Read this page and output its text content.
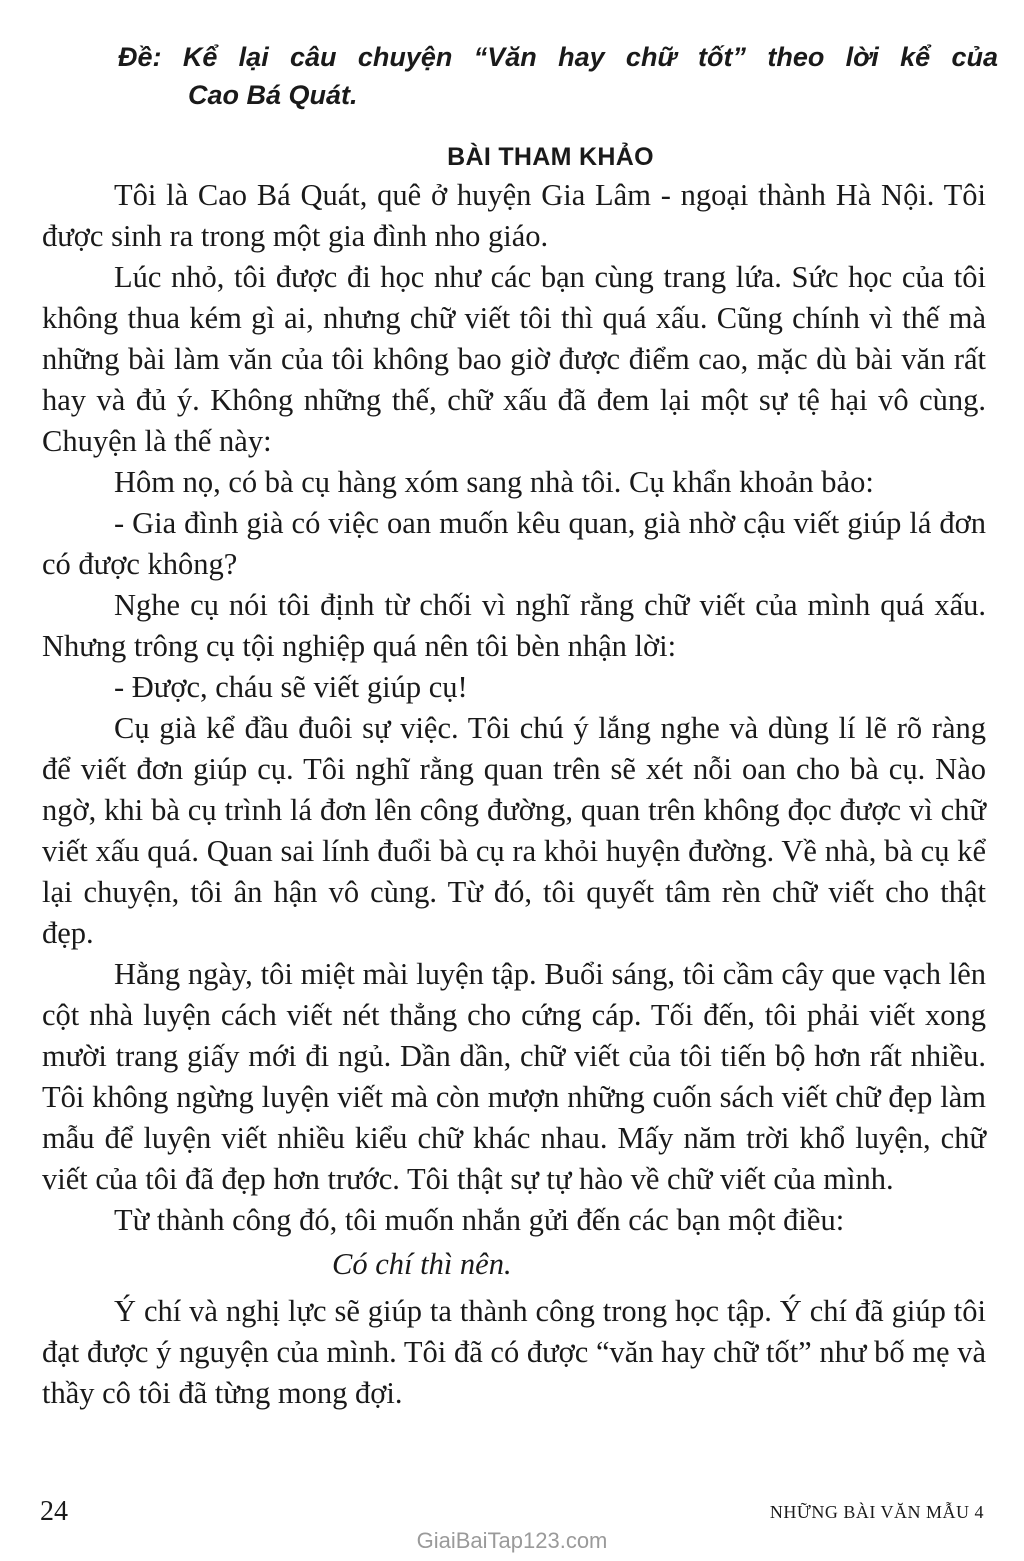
Đề: Kể lại câu chuyện “Văn hay chữ tốt” theo lời kể của
Cao Bá Quát.
BÀI THAM KHẢO

Tôi là Cao Bá Quát, quê ở huyện Gia Lâm - ngoại thành Hà Nội. Tôi được sinh ra trong một gia đình nho giáo.

Lúc nhỏ, tôi được đi học như các bạn cùng trang lứa. Sức học của tôi không thua kém gì ai, nhưng chữ viết tôi thì quá xấu. Cũng chính vì thế mà những bài làm văn của tôi không bao giờ được điểm cao, mặc dù bài văn rất hay và đủ ý. Không những thế, chữ xấu đã đem lại một sự tệ hại vô cùng. Chuyện là thế này:

Hôm nọ, có bà cụ hàng xóm sang nhà tôi. Cụ khẩn khoản bảo:

- Gia đình già có việc oan muốn kêu quan, già nhờ cậu viết giúp lá đơn có được không?

Nghe cụ nói tôi định từ chối vì nghĩ rằng chữ viết của mình quá xấu. Nhưng trông cụ tội nghiệp quá nên tôi bèn nhận lời:

- Được, cháu sẽ viết giúp cụ!

Cụ già kể đầu đuôi sự việc. Tôi chú ý lắng nghe và dùng lí lẽ rõ ràng để viết đơn giúp cụ. Tôi nghĩ rằng quan trên sẽ xét nỗi oan cho bà cụ. Nào ngờ, khi bà cụ trình lá đơn lên công đường, quan trên không đọc được vì chữ viết xấu quá. Quan sai lính đuổi bà cụ ra khỏi huyện đường. Về nhà, bà cụ kể lại chuyện, tôi ân hận vô cùng. Từ đó, tôi quyết tâm rèn chữ viết cho thật đẹp.

Hằng ngày, tôi miệt mài luyện tập. Buổi sáng, tôi cầm cây que vạch lên cột nhà luyện cách viết nét thẳng cho cứng cáp. Tối đến, tôi phải viết xong mười trang giấy mới đi ngủ. Dần dần, chữ viết của tôi tiến bộ hơn rất nhiều. Tôi không ngừng luyện viết mà còn mượn những cuốn sách viết chữ đẹp làm mẫu để luyện viết nhiều kiểu chữ khác nhau. Mấy năm trời khổ luyện, chữ viết của tôi đã đẹp hơn trước. Tôi thật sự tự hào về chữ viết của mình.

Từ thành công đó, tôi muốn nhắn gửi đến các bạn một điều:

Có chí thì nên.

Ý chí và nghị lực sẽ giúp ta thành công trong học tập. Ý chí đã giúp tôi đạt được ý nguyện của mình. Tôi đã có được “văn hay chữ tốt” như bố mẹ và thầy cô tôi đã từng mong đợi.

24	NHỮNG BÀI VĂN MẪU 4
GiaiBaiTap123.com
